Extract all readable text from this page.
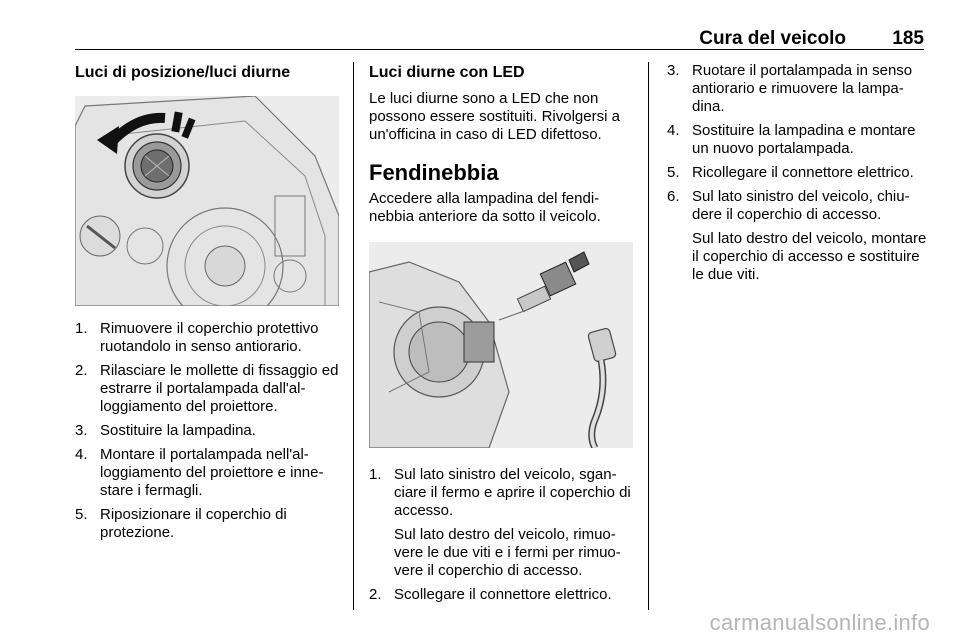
Cura del veicolo 185
Luci di posizione/luci diurne
1. Rimuovere il coperchio protettivo ruotandolo in senso antiorario.
2. Rilasciare le mollette di fissaggio ed estrarre il portalampada dall'al-loggiamento del proiettore.
3. Sostituire la lampadina.
4. Montare il portalampada nell'al-loggiamento del proiettore e inne-stare i fermagli.
5. Riposizionare il coperchio di protezione.
Luci diurne con LED
Le luci diurne sono a LED che non possono essere sostituiti. Rivolgersi a un'officina in caso di LED difettoso.
Fendinebbia
Accedere alla lampadina del fendi-nebbia anteriore da sotto il veicolo.
1. Sul lato sinistro del veicolo, sgan-ciare il fermo e aprire il coperchio di accesso.
Sul lato destro del veicolo, rimuo-vere le due viti e i fermi per rimuo-vere il coperchio di accesso.
2. Scollegare il connettore elettrico.
3. Ruotare il portalampada in senso antiorario e rimuovere la lampa-dina.
4. Sostituire la lampadina e montare un nuovo portalampada.
5. Ricollegare il connettore elettrico.
6. Sul lato sinistro del veicolo, chiu-dere il coperchio di accesso.
Sul lato destro del veicolo, montare il coperchio di accesso e sostituire le due viti.
carmanualsonline.info
